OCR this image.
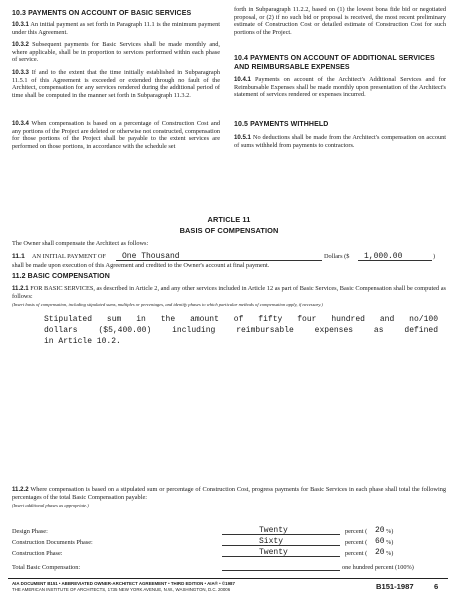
10.3 PAYMENTS ON ACCOUNT OF BASIC SERVICES
10.3.1 An initial payment as set forth in Paragraph 11.1 is the minimum payment under this Agreement.
10.3.2 Subsequent payments for Basic Services shall be made monthly and, where applicable, shall be in proportion to services performed within each phase of service.
10.3.3 If and to the extent that the time initially established in Subparagraph 11.5.1 of this Agreement is exceeded or extended through no fault of the Architect, compensation for any services rendered during the additional period of time shall be computed in the manner set forth in Subparagraph 11.3.2.
10.3.4 When compensation is based on a percentage of Construction Cost and any portions of the Project are deleted or otherwise not constructed, compensation for those portions of the Project shall be payable to the extent services are performed on those portions, in accordance with the schedule set
forth in Subparagraph 11.2.2, based on (1) the lowest bona fide bid or negotiated proposal, or (2) if no such bid or proposal is received, the most recent preliminary estimate of Construction Cost or detailed estimate of Construction Cost for such portions of the Project.
10.4 PAYMENTS ON ACCOUNT OF ADDITIONAL SERVICES AND REIMBURSABLE EXPENSES
10.4.1 Payments on account of the Architect's Additional Services and for Reimbursable Expenses shall be made monthly upon presentation of the Architect's statement of services rendered or expenses incurred.
10.5 PAYMENTS WITHHELD
10.5.1 No deductions shall be made from the Architect's compensation on account of sums withheld from payments to contractors.
ARTICLE 11
BASIS OF COMPENSATION
The Owner shall compensate the Architect as follows:
11.1 AN INITIAL PAYMENT OF One Thousand	Dollars ($ 1,000.00	)
shall be made upon execution of this Agreement and credited to the Owner's account at final payment.
11.2 BASIC COMPENSATION
11.2.1 FOR BASIC SERVICES, as described in Article 2, and any other services included in Article 12 as part of Basic Services, Basic Compensation shall be computed as follows:
(Insert basis of compensation, including stipulated sums, multiples or percentages, and identify phases to which particular methods of compensation apply, if necessary.)
Stipulated sum in the amount of fifty four hundred and no/100
dollars ($5,400.00) including reimbursable expenses as defined
in Article 10.2.
11.2.2 Where compensation is based on a stipulated sum or percentage of Construction Cost, progress payments for Basic Services in each phase shall total the following percentages of the total Basic Compensation payable:
(Insert additional phases as appropriate.)
Design Phase:	Twenty	percent ( 20 %)
Construction Documents Phase:	Sixty	percent ( 60 %)
Construction Phase:	Twenty	percent ( 20 %)
Total Basic Compensation:	one hundred percent (100%)
AIA DOCUMENT B151 • ABBREVIATED OWNER-ARCHITECT AGREEMENT • THIRD EDITION • AIA® • ©1987
THE AMERICAN INSTITUTE OF ARCHITECTS, 1735 NEW YORK AVENUE, N.W., WASHINGTON, D.C. 20006	B151-1987	6
